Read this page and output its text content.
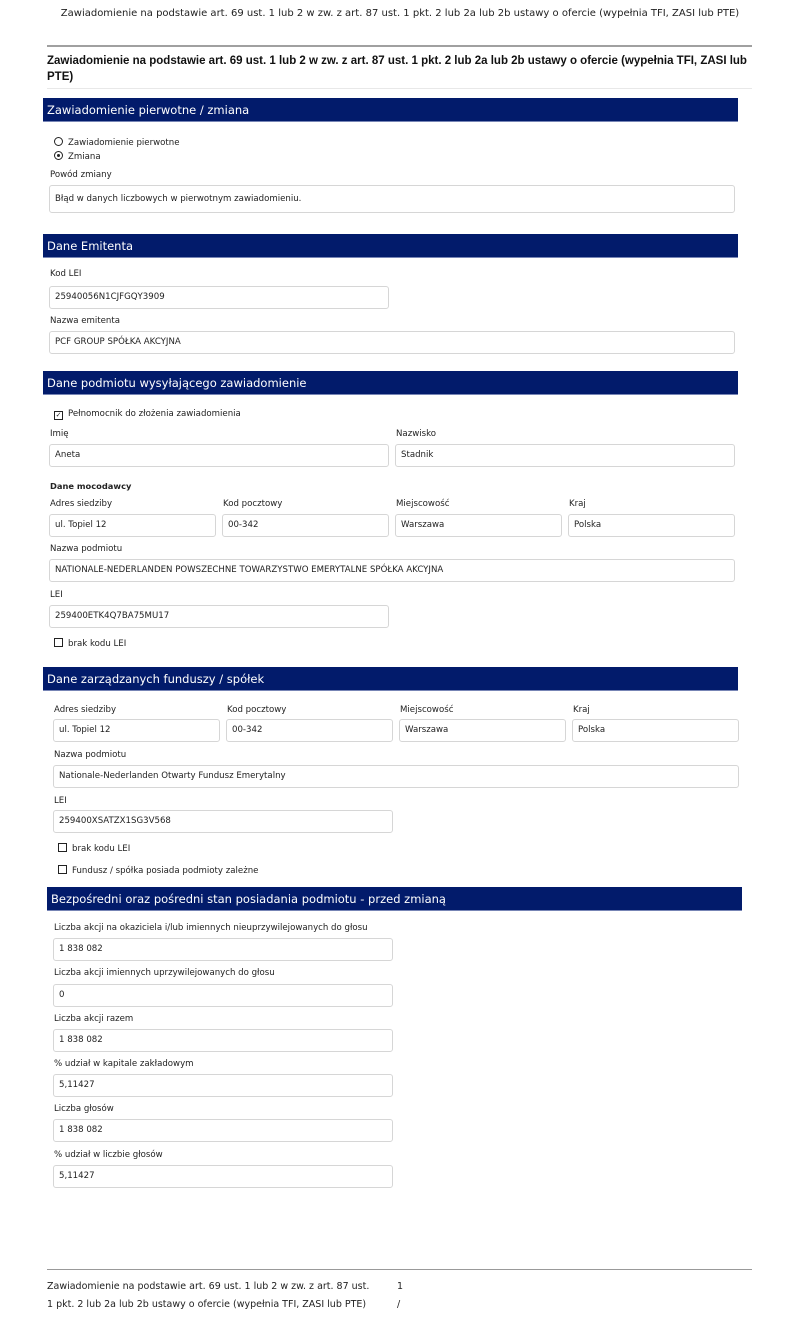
Zawiadomienie na podstawie art. 69 ust. 1 lub 2 w zw. z art. 87 ust. 1 pkt. 2 lub 2a lub 2b ustawy o ofercie (wypełnia TFI, ZASI lub PTE)
Zawiadomienie na podstawie art. 69 ust. 1 lub 2 w zw. z art. 87 ust. 1 pkt. 2 lub 2a lub 2b ustawy o ofercie (wypełnia TFI, ZASI lub PTE)
Zawiadomienie pierwotne / zmiana
Zawiadomienie pierwotne
Zmiana
Powód zmiany
Błąd w danych liczbowych w pierwotnym zawiadomieniu.
Dane Emitenta
Kod LEI
25940056N1CJFGQY3909
Nazwa emitenta
PCF GROUP SPÓŁKA AKCYJNA
Dane podmiotu wysyłającego zawiadomienie
✓ Pełnomocnik do złożenia zawiadomienia
Imię	Nazwisko
Aneta	Stadnik
Dane mocodawcy
Adres siedziby	Kod pocztowy	Miejscowość	Kraj
ul. Topiel 12	00-342	Warszawa	Polska
Nazwa podmiotu
NATIONALE-NEDERLANDEN POWSZECHNE TOWARZYSTWO EMERYTALNE SPÓŁKA AKCYJNA
LEI
259400ETK4Q7BA75MU17
brak kodu LEI
Dane zarządzanych funduszy / spółek
Adres siedziby	Kod pocztowy	Miejscowość	Kraj
ul. Topiel 12	00-342	Warszawa	Polska
Nazwa podmiotu
Nationale-Nederlanden Otwarty Fundusz Emerytalny
LEI
259400XSATZX1SG3V568
brak kodu LEI
Fundusz / spółka posiada podmioty zależne
Bezpośredni oraz pośredni stan posiadania podmiotu - przed zmianą
Liczba akcji na okaziciela i/lub imiennych nieuprzywilejowanych do głosu
1 838 082
Liczba akcji imiennych uprzywilejowanych do głosu
0
Liczba akcji razem
1 838 082
% udział w kapitale zakładowym
5,11427
Liczba głosów
1 838 082
% udział w liczbie głosów
5,11427
Zawiadomienie na podstawie art. 69 ust. 1 lub 2 w zw. z art. 87 ust.
1 pkt. 2 lub 2a lub 2b ustawy o ofercie (wypełnia TFI, ZASI lub PTE)
1
/
